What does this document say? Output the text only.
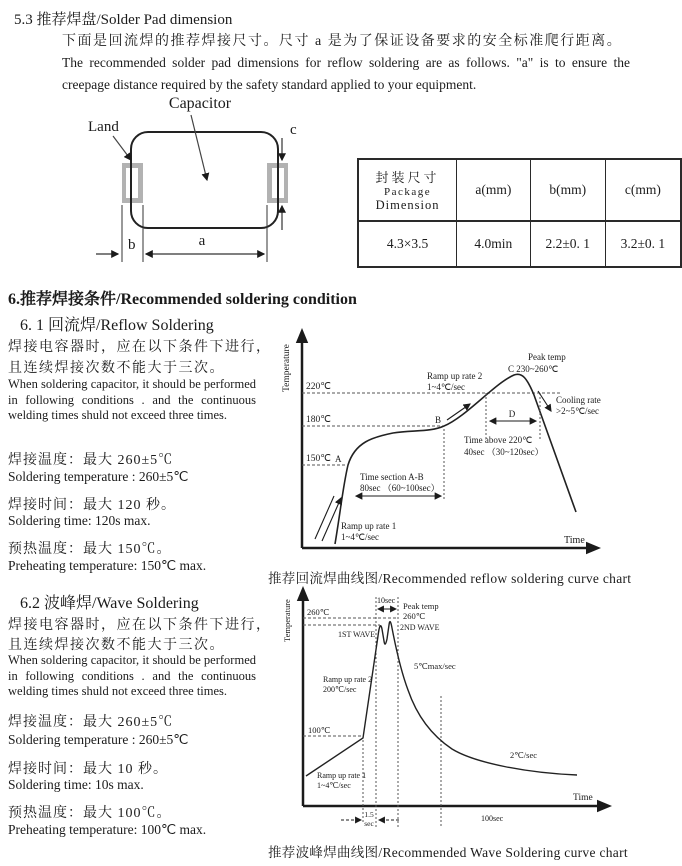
5.3 推荐焊盘/Solder Pad dimension
下面是回流焊的推荐焊接尺寸。尺寸 a 是为了保证设备要求的安全标准爬行距离。
The recommended solder pad dimensions for reflow soldering are as follows. "a" is to ensure the creepage distance required by the safety standard applied to your equipment.
Capacitor
Land	c
a
b
封装尺寸
Package
Dimension	a(mm)	b(mm)	c(mm)
4.3×3.5	4.0min	2.2±0. 1	3.2±0. 1
6.推荐焊接条件/Recommended soldering condition
6. 1 回流焊/Reflow Soldering
焊接电容器时，应在以下条件下进行，
且连续焊接次数不能大于三次。
When soldering capacitor, it should be performed in following conditions . and the continuous welding times shuld not exceed three times.
焊接温度：最大 260±5℃
Soldering temperature : 260±5℃
焊接时间：最大 120 秒。
Soldering time: 120s max.
预热温度：最大 150℃。
Preheating temperature: 150℃ max.
Temperature
Time
220℃
180℃
150℃ A
B
Peak temp
C 230~260℃
D
Time above 220℃
40sec （30~120sec）
Ramp up rate 2
1~4℃/sec
Cooling rate
>2~5℃/sec
Ramp up rate 1
1~4℃/sec
Time section A-B
80sec （60~100sec）
推荐回流焊曲线图/Recommended reflow soldering curve chart
6.2 波峰焊/Wave Soldering
焊接电容器时，应在以下条件下进行，
且连续焊接次数不能大于三次。
When soldering capacitor, it should be performed in following conditions . and the continuous welding times shuld not exceed three times.
焊接温度：最大 260±5℃
Soldering temperature : 260±5℃
焊接时间：最大 10 秒。
Soldering time: 10s max.
预热温度：最大 100℃。
Preheating temperature: 100℃ max.
Temperature
Time
260℃
10sec
Peak temp
260℃
1ST WAVE
2ND WAVE
5℃max/sec
Ramp up rate 2
200℃/sec
100℃
Ramp up rate 1
1~4℃/sec
2℃/sec
1.5
sec
100sec
推荐波峰焊曲线图/Recommended Wave Soldering curve chart
